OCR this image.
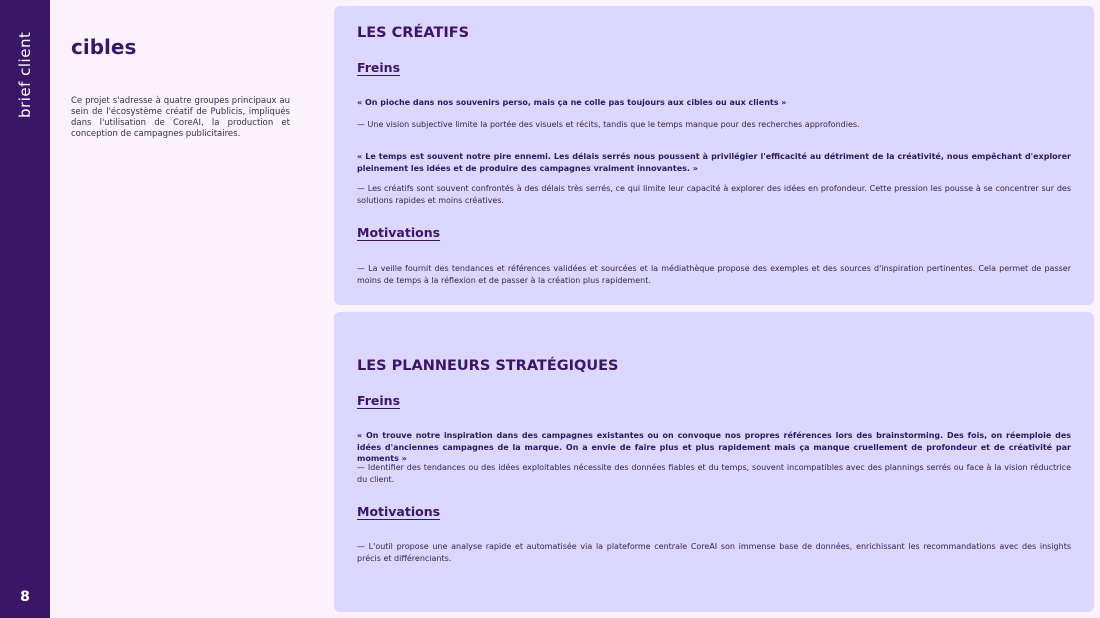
brief client
8
cibles
Ce projet s'adresse à quatre groupes principaux au sein de l'écosystème créatif de Publicis, impliqués dans l'utilisation de CoreAI, la production et conception de campagnes publicitaires.
LES CRÉATIFS
Freins
« On pioche dans nos souvenirs perso, mais ça ne colle pas toujours aux cibles ou aux clients »
— Une vision subjective limite la portée des visuels et récits, tandis que le temps manque pour des recherches approfondies.
« Le temps est souvent notre pire ennemi. Les délais serrés nous poussent à privilégier l'efficacité au détriment de la créativité, nous empêchant d'explorer pleinement les idées et de produire des campagnes vraiment innovantes. »
— Les créatifs sont souvent confrontés à des délais très serrés, ce qui limite leur capacité à explorer des idées en profondeur. Cette pression les pousse à se concentrer sur des solutions rapides et moins créatives.
Motivations
— La veille fournit des tendances et références validées et sourcées et la médiathèque propose des exemples et des sources d'inspiration pertinentes. Cela permet de passer moins de temps à la réflexion et de passer à la création plus rapidement.
LES PLANNEURS STRATÉGIQUES
Freins
« On trouve notre inspiration dans des campagnes existantes ou on convoque nos propres références lors des brainstorming. Des fois, on réemploie des idées d'anciennes campagnes de la marque. On a envie de faire plus et plus rapidement mais ça manque cruellement de profondeur et de créativité par moments »
— Identifier des tendances ou des idées exploitables nécessite des données fiables et du temps, souvent incompatibles avec des plannings serrés ou face à la vision réductrice du client.
Motivations
— L'outil propose une analyse rapide et automatisée via la plateforme centrale CoreAI son immense base de données, enrichissant les recommandations avec des insights précis et différenciants.
